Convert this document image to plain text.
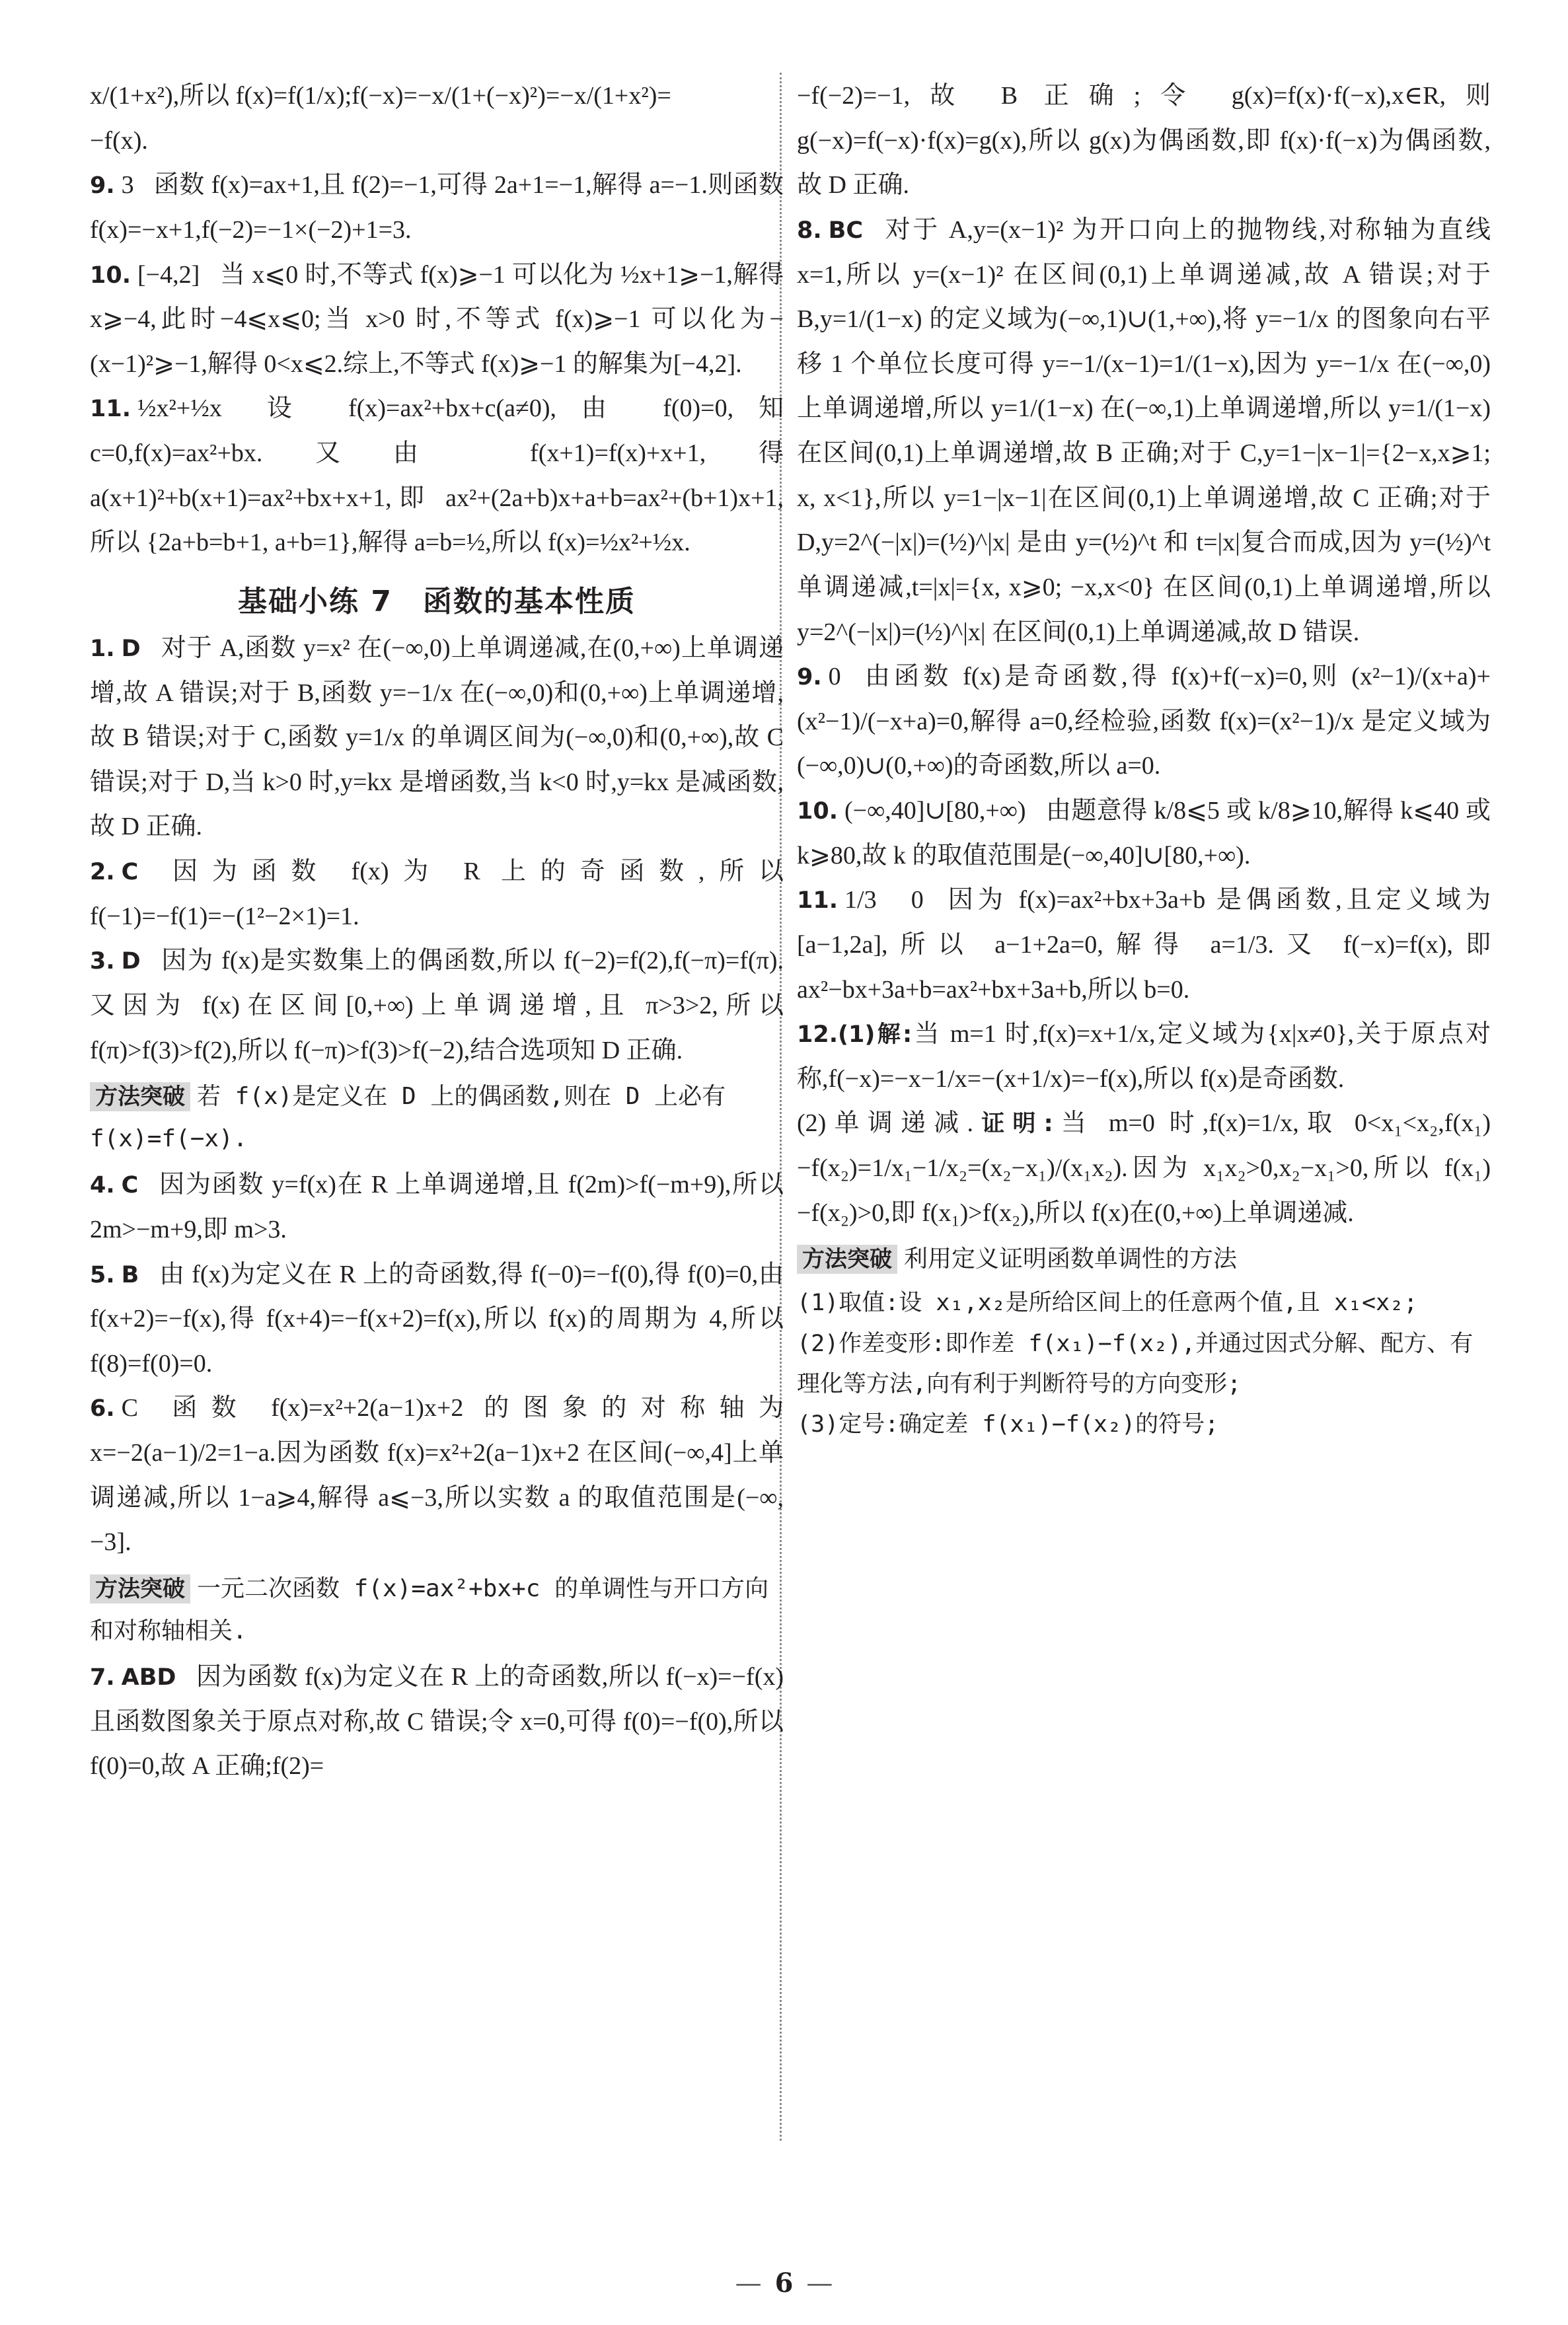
x/(1+x²),所以 f(x)=f(1/x);f(−x)=−x/(1+(−x)²)=−x/(1+x²)=

−f(x).

9. 3 函数 f(x)=ax+1,且 f(2)=−1,可得 2a+1=−1,解得 a=−1.则函数 f(x)=−x+1,f(−2)=−1×(−2)+1=3.

10. [−4,2] 当 x⩽0 时,不等式 f(x)⩾−1 可以化为 ½x+1⩾−1,解得 x⩾−4,此时−4⩽x⩽0;当 x>0 时,不等式 f(x)⩾−1 可以化为−(x−1)²⩾−1,解得 0<x⩽2.综上,不等式 f(x)⩾−1 的解集为[−4,2].

11. ½x²+½x 设 f(x)=ax²+bx+c(a≠0),由 f(0)=0,知 c=0,f(x)=ax²+bx.又由 f(x+1)=f(x)+x+1,得 a(x+1)²+b(x+1)=ax²+bx+x+1,即 ax²+(2a+b)x+a+b=ax²+(b+1)x+1,所以 {2a+b=b+1, a+b=1},解得 a=b=½,所以 f(x)=½x²+½x.

基础小练 7　函数的基本性质

1. D 对于 A,函数 y=x² 在(−∞,0)上单调递减,在(0,+∞)上单调递增,故 A 错误;对于 B,函数 y=−1/x 在(−∞,0)和(0,+∞)上单调递增,故 B 错误;对于 C,函数 y=1/x 的单调区间为(−∞,0)和(0,+∞),故 C 错误;对于 D,当 k>0 时,y=kx 是增函数,当 k<0 时,y=kx 是减函数,故 D 正确.

2. C 因为函数 f(x)为 R 上的奇函数,所以 f(−1)=−f(1)=−(1²−2×1)=1.

3. D 因为 f(x)是实数集上的偶函数,所以 f(−2)=f(2),f(−π)=f(π).又因为 f(x)在区间[0,+∞)上单调递增,且 π>3>2,所以 f(π)>f(3)>f(2),所以 f(−π)>f(3)>f(−2),结合选项知 D 正确.

方法突破 若 f(x)是定义在 D 上的偶函数,则在 D 上必有 f(x)=f(−x).

4. C 因为函数 y=f(x)在 R 上单调递增,且 f(2m)>f(−m+9),所以 2m>−m+9,即 m>3.

5. B 由 f(x)为定义在 R 上的奇函数,得 f(−0)=−f(0),得 f(0)=0,由 f(x+2)=−f(x),得 f(x+4)=−f(x+2)=f(x),所以 f(x)的周期为 4,所以 f(8)=f(0)=0.

6. C 函数 f(x)=x²+2(a−1)x+2 的图象的对称轴为 x=−2(a−1)/2=1−a.因为函数 f(x)=x²+2(a−1)x+2 在区间(−∞,4]上单调递减,所以 1−a⩾4,解得 a⩽−3,所以实数 a 的取值范围是(−∞,−3].

方法突破 一元二次函数 f(x)=ax²+bx+c 的单调性与开口方向和对称轴相关.

7. ABD 因为函数 f(x)为定义在 R 上的奇函数,所以 f(−x)=−f(x)且函数图象关于原点对称,故 C 错误;令 x=0,可得 f(0)=−f(0),所以 f(0)=0,故 A 正确;f(2)=

−f(−2)=−1,故 B 正确;令 g(x)=f(x)·f(−x),x∈R,则 g(−x)=f(−x)·f(x)=g(x),所以 g(x)为偶函数,即 f(x)·f(−x)为偶函数,故 D 正确.

8. BC 对于 A,y=(x−1)² 为开口向上的抛物线,对称轴为直线 x=1,所以 y=(x−1)² 在区间(0,1)上单调递减,故 A 错误;对于 B,y=1/(1−x) 的定义域为(−∞,1)∪(1,+∞),将 y=−1/x 的图象向右平移 1 个单位长度可得 y=−1/(x−1)=1/(1−x),因为 y=−1/x 在(−∞,0)上单调递增,所以 y=1/(1−x) 在(−∞,1)上单调递增,所以 y=1/(1−x) 在区间(0,1)上单调递增,故 B 正确;对于 C,y=1−|x−1|={2−x,x⩾1; x, x<1},所以 y=1−|x−1|在区间(0,1)上单调递增,故 C 正确;对于 D,y=2^(−|x|)=(½)^|x| 是由 y=(½)^t 和 t=|x|复合而成,因为 y=(½)^t 单调递减,t=|x|={x, x⩾0; −x,x<0} 在区间(0,1)上单调递增,所以 y=2^(−|x|)=(½)^|x| 在区间(0,1)上单调递减,故 D 错误.

9. 0 由函数 f(x)是奇函数,得 f(x)+f(−x)=0,则 (x²−1)/(x+a)+(x²−1)/(−x+a)=0,解得 a=0,经检验,函数 f(x)=(x²−1)/x 是定义域为(−∞,0)∪(0,+∞)的奇函数,所以 a=0.

10. (−∞,40]∪[80,+∞) 由题意得 k/8⩽5 或 k/8⩾10,解得 k⩽40 或 k⩾80,故 k 的取值范围是(−∞,40]∪[80,+∞).

11. 1/3　0 因为 f(x)=ax²+bx+3a+b 是偶函数,且定义域为[a−1,2a],所以 a−1+2a=0,解得 a=1/3.又 f(−x)=f(x),即 ax²−bx+3a+b=ax²+bx+3a+b,所以 b=0.

12.(1)解:当 m=1 时,f(x)=x+1/x,定义域为{x|x≠0},关于原点对称,f(−x)=−x−1/x=−(x+1/x)=−f(x),所以 f(x)是奇函数.

(2)单调递减.证明:当 m=0 时,f(x)=1/x,取 0<x₁<x₂,f(x₁)−f(x₂)=1/x₁−1/x₂=(x₂−x₁)/(x₁x₂).因为 x₁x₂>0,x₂−x₁>0,所以 f(x₁)−f(x₂)>0,即 f(x₁)>f(x₂),所以 f(x)在(0,+∞)上单调递减.

方法突破 利用定义证明函数单调性的方法

(1)取值:设 x₁,x₂是所给区间上的任意两个值,且 x₁<x₂;

(2)作差变形:即作差 f(x₁)−f(x₂),并通过因式分解、配方、有理化等方法,向有利于判断符号的方向变形;

(3)定号:确定差 f(x₁)−f(x₂)的符号;

— 6 —
